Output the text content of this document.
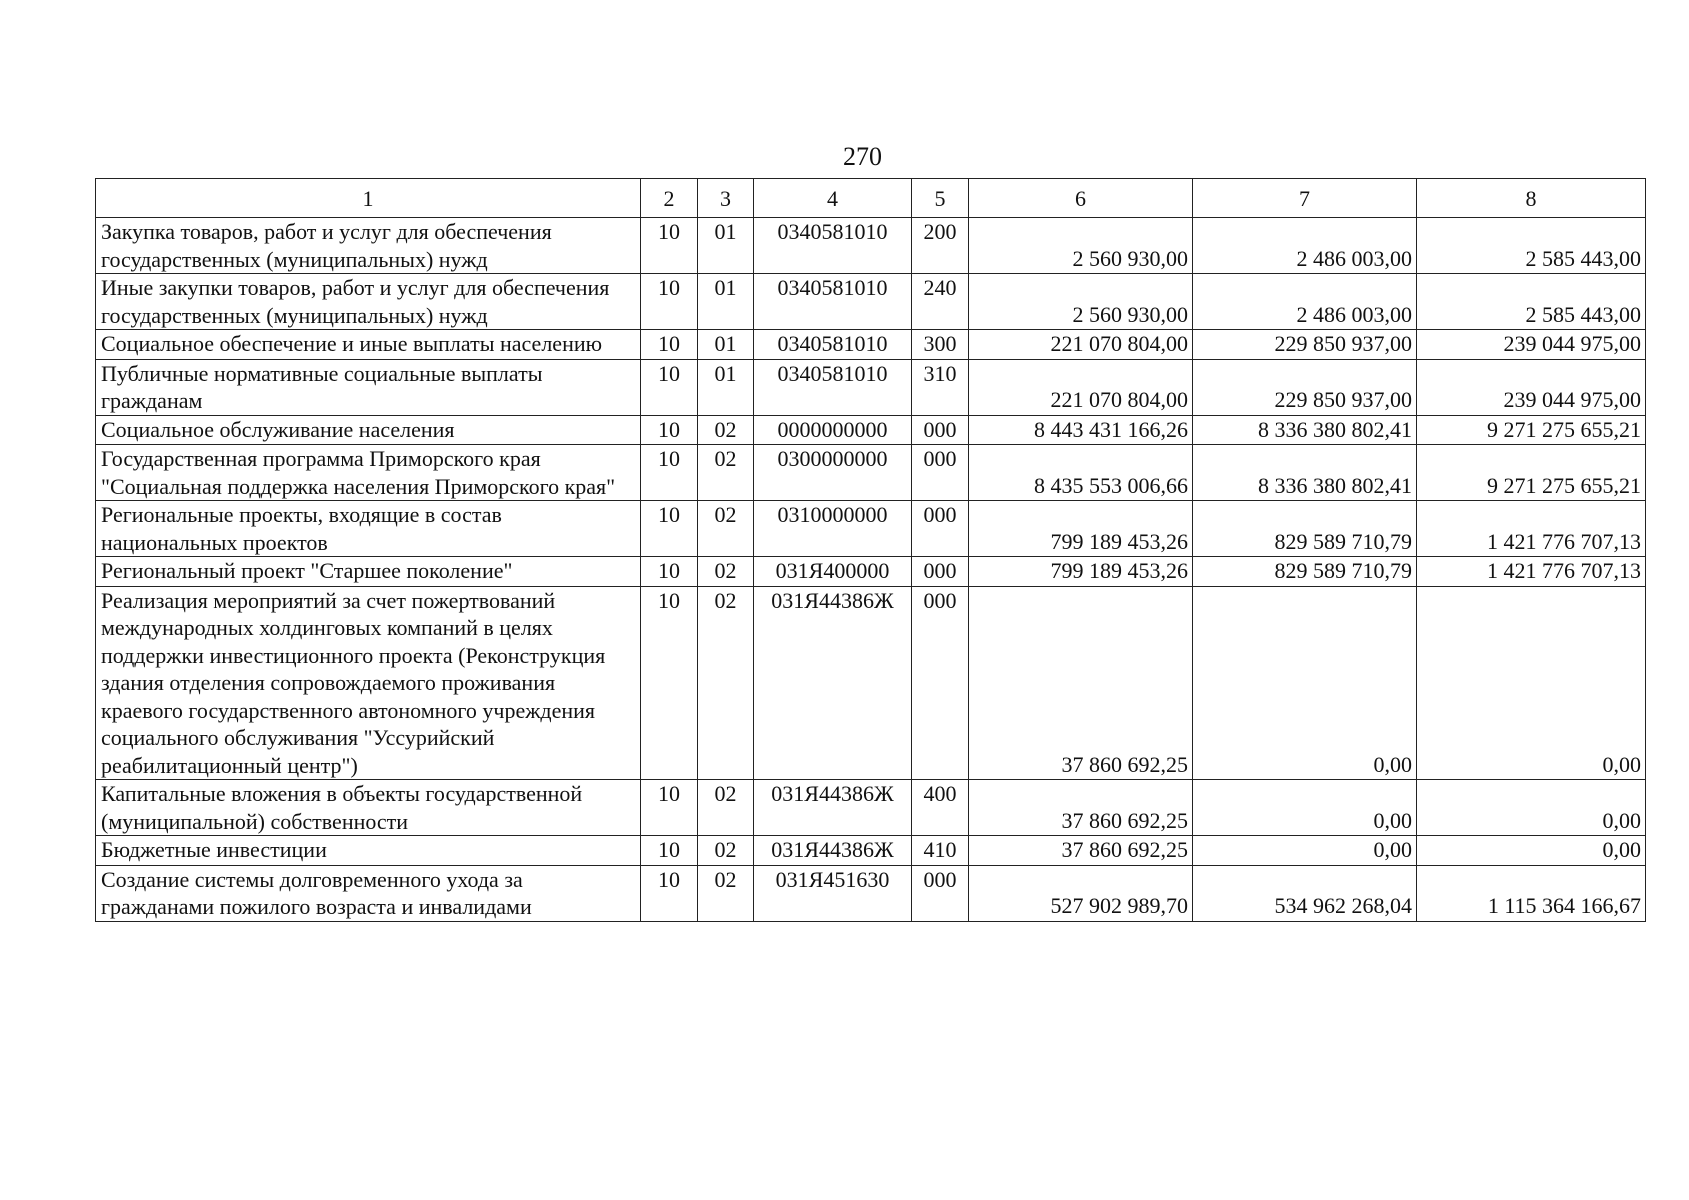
270
1	2	3	4	5	6	7	8
Закупка товаров, работ и услуг для обеспечения государственных (муниципальных) нужд	10	01	0340581010	200	2 560 930,00	2 486 003,00	2 585 443,00
Иные закупки товаров, работ и услуг для обеспечения государственных (муниципальных) нужд	10	01	0340581010	240	2 560 930,00	2 486 003,00	2 585 443,00
Социальное обеспечение и иные выплаты населению	10	01	0340581010	300	221 070 804,00	229 850 937,00	239 044 975,00
Публичные нормативные социальные выплаты гражданам	10	01	0340581010	310	221 070 804,00	229 850 937,00	239 044 975,00
Социальное обслуживание населения	10	02	0000000000	000	8 443 431 166,26	8 336 380 802,41	9 271 275 655,21
Государственная программа Приморского края "Социальная поддержка населения Приморского края"	10	02	0300000000	000	8 435 553 006,66	8 336 380 802,41	9 271 275 655,21
Региональные проекты, входящие в состав национальных проектов	10	02	0310000000	000	799 189 453,26	829 589 710,79	1 421 776 707,13
Региональный проект "Старшее поколение"	10	02	031Я400000	000	799 189 453,26	829 589 710,79	1 421 776 707,13
Реализация мероприятий за счет пожертвований международных холдинговых компаний в целях поддержки инвестиционного проекта (Реконструкция здания отделения сопровождаемого проживания краевого государственного автономного учреждения социального обслуживания "Уссурийский реабилитационный центр")	10	02	031Я44386Ж	000	37 860 692,25	0,00	0,00
Капитальные вложения в объекты государственной (муниципальной) собственности	10	02	031Я44386Ж	400	37 860 692,25	0,00	0,00
Бюджетные инвестиции	10	02	031Я44386Ж	410	37 860 692,25	0,00	0,00
Создание системы долговременного ухода за гражданами пожилого возраста и инвалидами	10	02	031Я451630	000	527 902 989,70	534 962 268,04	1 115 364 166,67
